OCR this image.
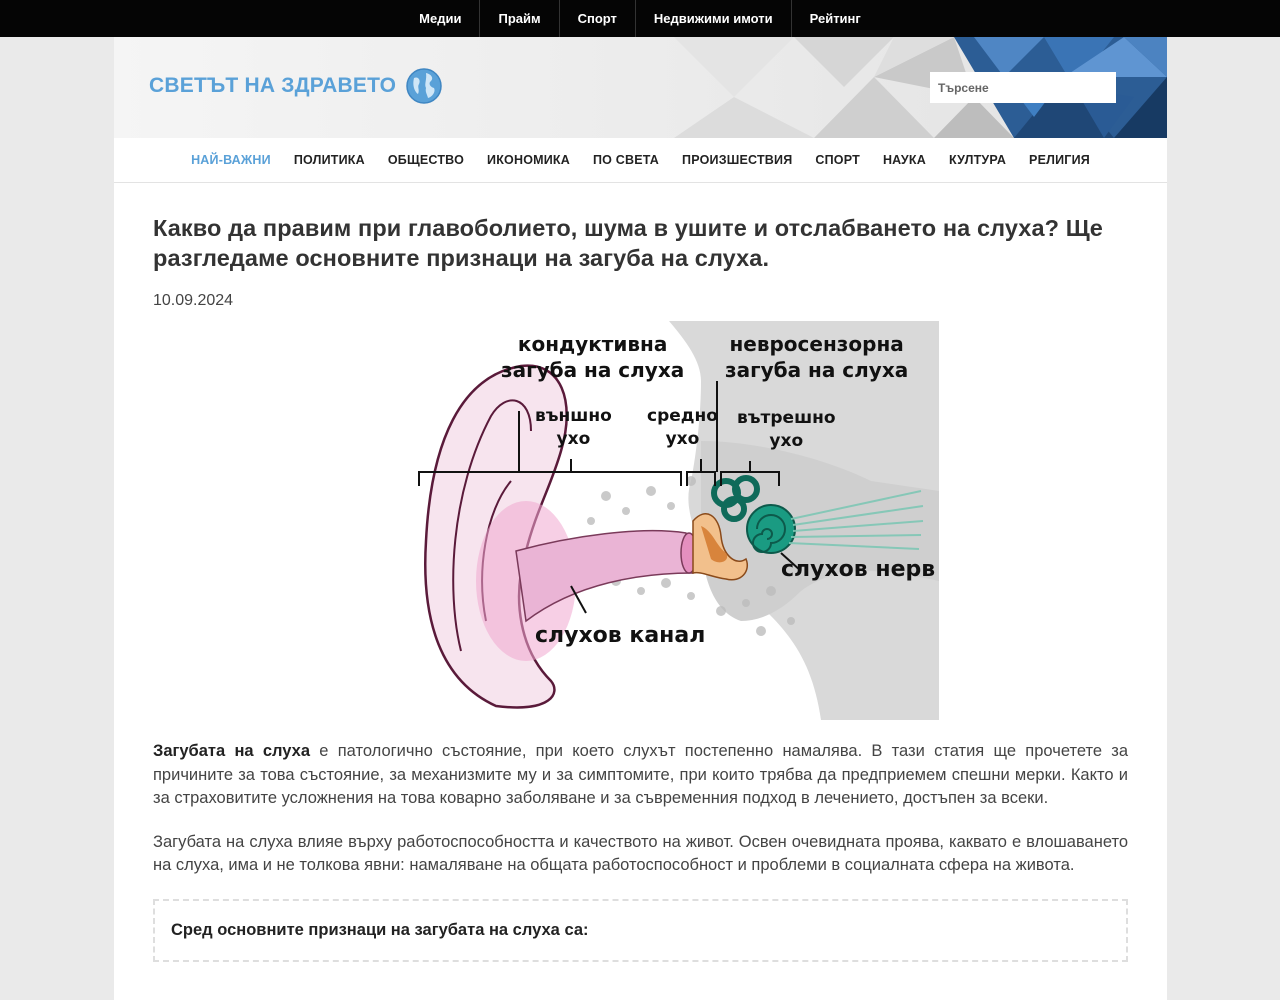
Медии	Прайм	Спорт	Недвижими имоти	Рейтинг
СВЕТЪТ НА ЗДРАВЕТО
Търсене
НАЙ-ВАЖНИ	ПОЛИТИКА	ОБЩЕСТВО	ИКОНОМИКА	ПО СВЕТА	ПРОИЗШЕСТВИЯ	СПОРТ	НАУКА	КУЛТУРА	РЕЛИГИЯ
Какво да правим при главоболието, шума в ушите и отслабването на слуха? Ще разгледаме основните признаци на загуба на слуха.
10.09.2024
кондуктивна
загуба на слуха
невросензорна
загуба на слуха
външно
ухо
средно
ухо
вътрешно
ухо
слухов нерв
слухов канал

Загубата на слуха е патологично състояние, при което слухът постепенно намалява. В тази статия ще прочетете за причините за това състояние, за механизмите му и за симптомите, при които трябва да предприемем спешни мерки. Както и за страховитите усложнения на това коварно заболяване и за съвременния подход в лечението, достъпен за всеки.

Загубата на слуха влияе върху работоспособността и качеството на живот. Освен очевидната проява, каквато е влошаването на слуха, има и не толкова явни: намаляване на общата работоспособност и проблеми в социалната сфера на живота.

Сред основните признаци на загубата на слуха са:
